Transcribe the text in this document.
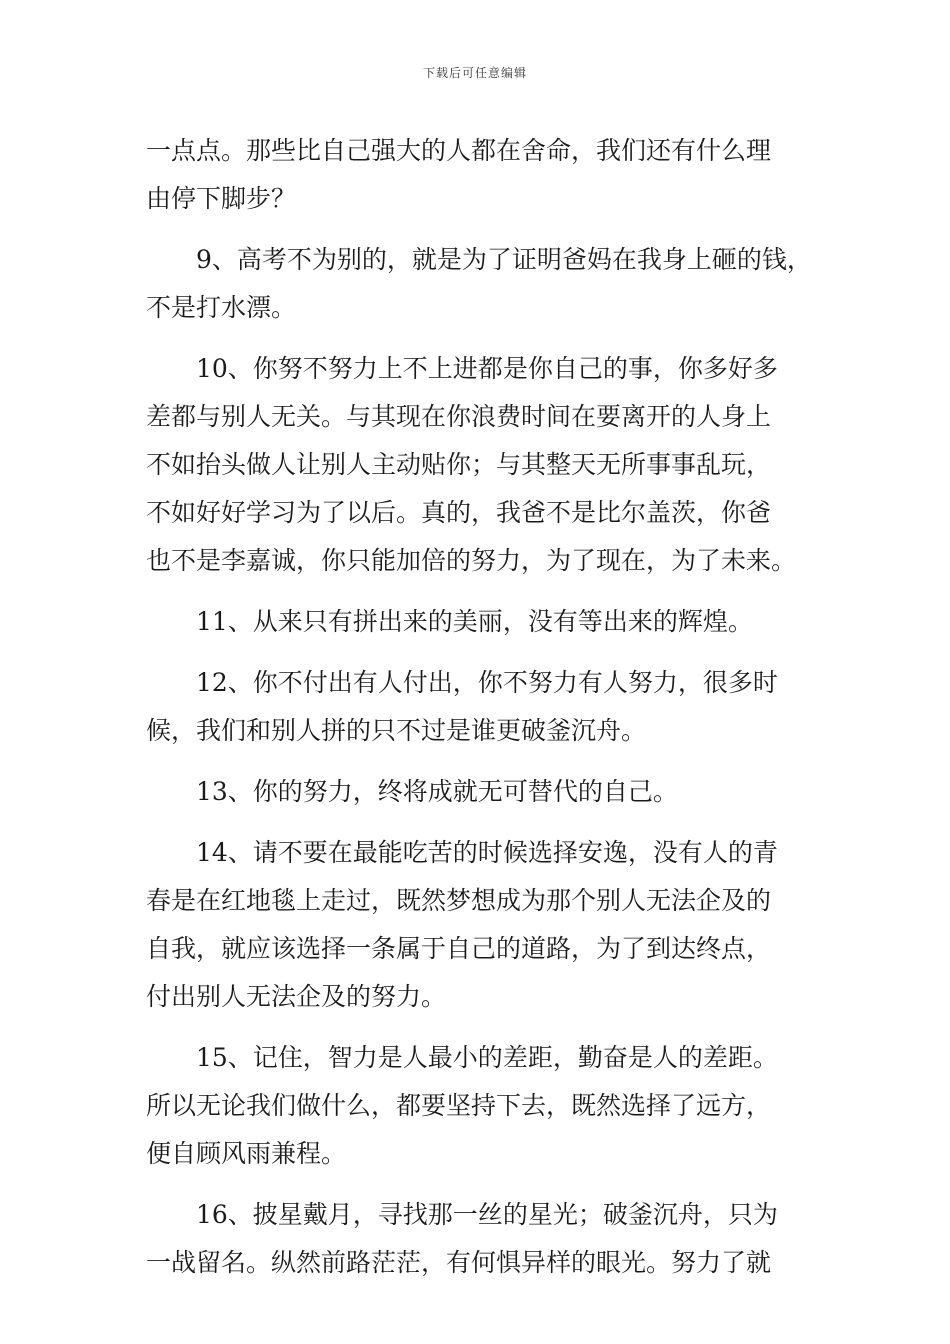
下载后可任意编辑
一点点。那些比自己强大的人都在舍命，我们还有什么理
由停下脚步？
9、高考不为别的，就是为了证明爸妈在我身上砸的钱，
不是打水漂。
10、你努不努力上不上进都是你自己的事，你多好多
差都与别人无关。与其现在你浪费时间在要离开的人身上
不如抬头做人让别人主动贴你；与其整天无所事事乱玩，
不如好好学习为了以后。真的，我爸不是比尔盖茨，你爸
也不是李嘉诚，你只能加倍的努力，为了现在，为了未来。
11、从来只有拼出来的美丽，没有等出来的辉煌。
12、你不付出有人付出，你不努力有人努力，很多时
候，我们和别人拼的只不过是谁更破釜沉舟。
13、你的努力，终将成就无可替代的自己。
14、请不要在最能吃苦的时候选择安逸，没有人的青
春是在红地毯上走过，既然梦想成为那个别人无法企及的
自我，就应该选择一条属于自己的道路，为了到达终点，
付出别人无法企及的努力。
15、记住，智力是人最小的差距，勤奋是人的差距。
所以无论我们做什么，都要坚持下去，既然选择了远方，
便自顾风雨兼程。
16、披星戴月，寻找那一丝的星光；破釜沉舟，只为
一战留名。纵然前路茫茫，有何惧异样的眼光。努力了就
